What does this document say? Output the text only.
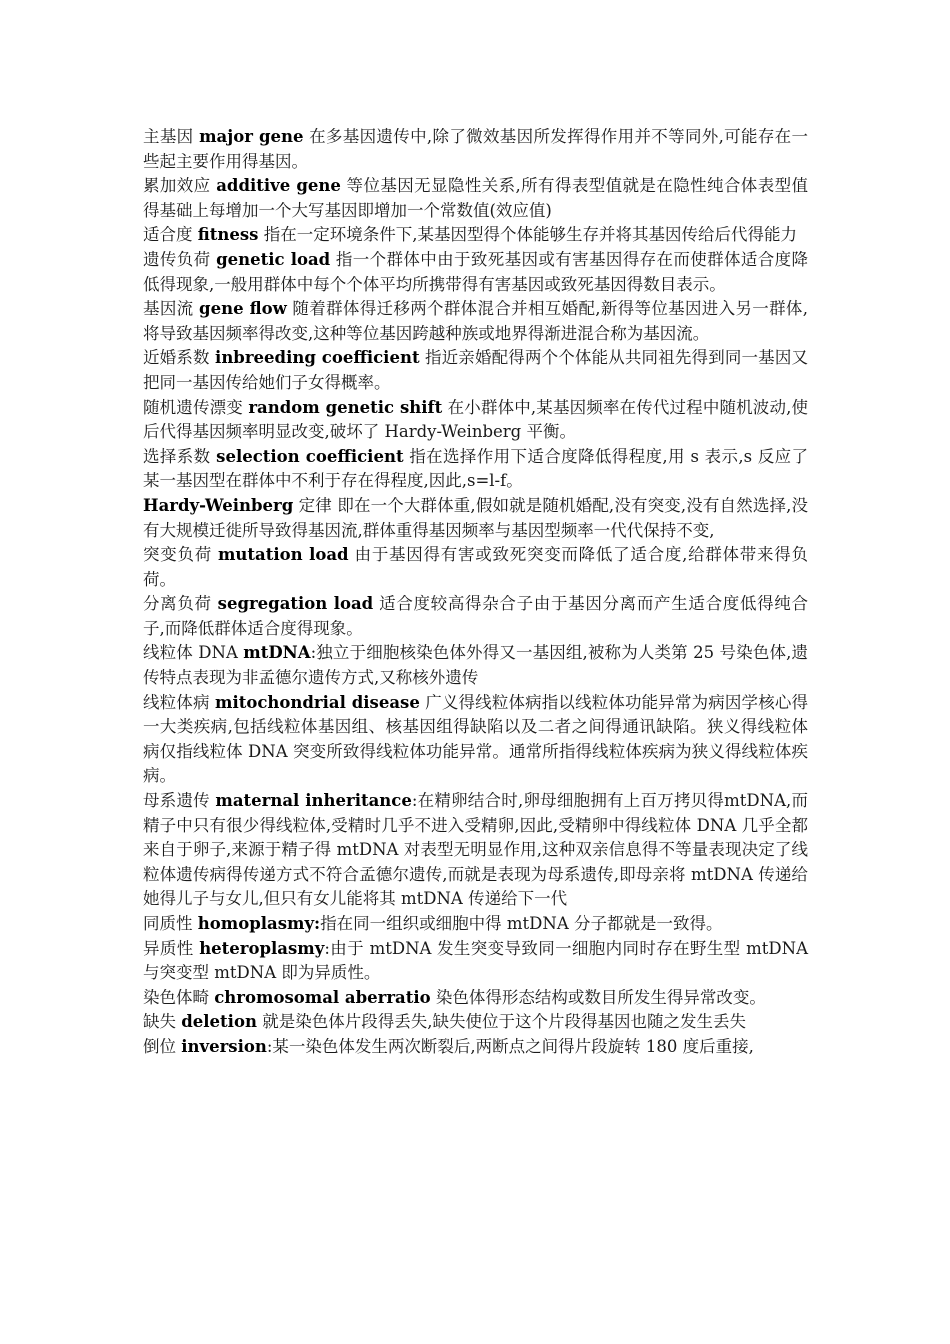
主基因 major gene 在多基因遗传中,除了微效基因所发挥得作用并不等同外,可能存在一些起主要作用得基因。

累加效应 additive gene 等位基因无显隐性关系,所有得表型值就是在隐性纯合体表型值得基础上每增加一个大写基因即增加一个常数值(效应值)

适合度 fitness 指在一定环境条件下,某基因型得个体能够生存并将其基因传给后代得能力

遗传负荷 genetic load 指一个群体中由于致死基因或有害基因得存在而使群体适合度降低得现象,一般用群体中每个个体平均所携带得有害基因或致死基因得数目表示。

基因流 gene flow 随着群体得迁移两个群体混合并相互婚配,新得等位基因进入另一群体,将导致基因频率得改变,这种等位基因跨越种族或地界得渐进混合称为基因流。

近婚系数 inbreeding coefficient 指近亲婚配得两个个体能从共同祖先得到同一基因又把同一基因传给她们子女得概率。

随机遗传漂变 random genetic shift 在小群体中,某基因频率在传代过程中随机波动,使后代得基因频率明显改变,破坏了 Hardy-Weinberg 平衡。

选择系数 selection coefficient 指在选择作用下适合度降低得程度,用 s 表示,s 反应了某一基因型在群体中不利于存在得程度,因此,s=l-f。

Hardy-Weinberg 定律 即在一个大群体重,假如就是随机婚配,没有突变,没有自然选择,没有大规模迁徙所导致得基因流,群体重得基因频率与基因型频率一代代保持不变,

突变负荷 mutation load 由于基因得有害或致死突变而降低了适合度,给群体带来得负荷。

分离负荷 segregation load 适合度较高得杂合子由于基因分离而产生适合度低得纯合子,而降低群体适合度得现象。

线粒体 DNA mtDNA:独立于细胞核染色体外得又一基因组,被称为人类第 25 号染色体,遗传特点表现为非孟德尔遗传方式,又称核外遗传

线粒体病 mitochondrial disease 广义得线粒体病指以线粒体功能异常为病因学核心得一大类疾病,包括线粒体基因组、核基因组得缺陷以及二者之间得通讯缺陷。狭义得线粒体病仅指线粒体 DNA 突变所致得线粒体功能异常。通常所指得线粒体疾病为狭义得线粒体疾病。

母系遗传 maternal inheritance:在精卵结合时,卵母细胞拥有上百万拷贝得mtDNA,而精子中只有很少得线粒体,受精时几乎不进入受精卵,因此,受精卵中得线粒体 DNA 几乎全都来自于卵子,来源于精子得 mtDNA 对表型无明显作用,这种双亲信息得不等量表现决定了线粒体遗传病得传递方式不符合孟德尔遗传,而就是表现为母系遗传,即母亲将 mtDNA 传递给她得儿子与女儿,但只有女儿能将其 mtDNA 传递给下一代

同质性 homoplasmy:指在同一组织或细胞中得 mtDNA 分子都就是一致得。

异质性 heteroplasmy:由于 mtDNA 发生突变导致同一细胞内同时存在野生型 mtDNA 与突变型 mtDNA 即为异质性。

染色体畸 chromosomal aberratio 染色体得形态结构或数目所发生得异常改变。

缺失 deletion 就是染色体片段得丢失,缺失使位于这个片段得基因也随之发生丢失

倒位 inversion:某一染色体发生两次断裂后,两断点之间得片段旋转 180 度后重接,
